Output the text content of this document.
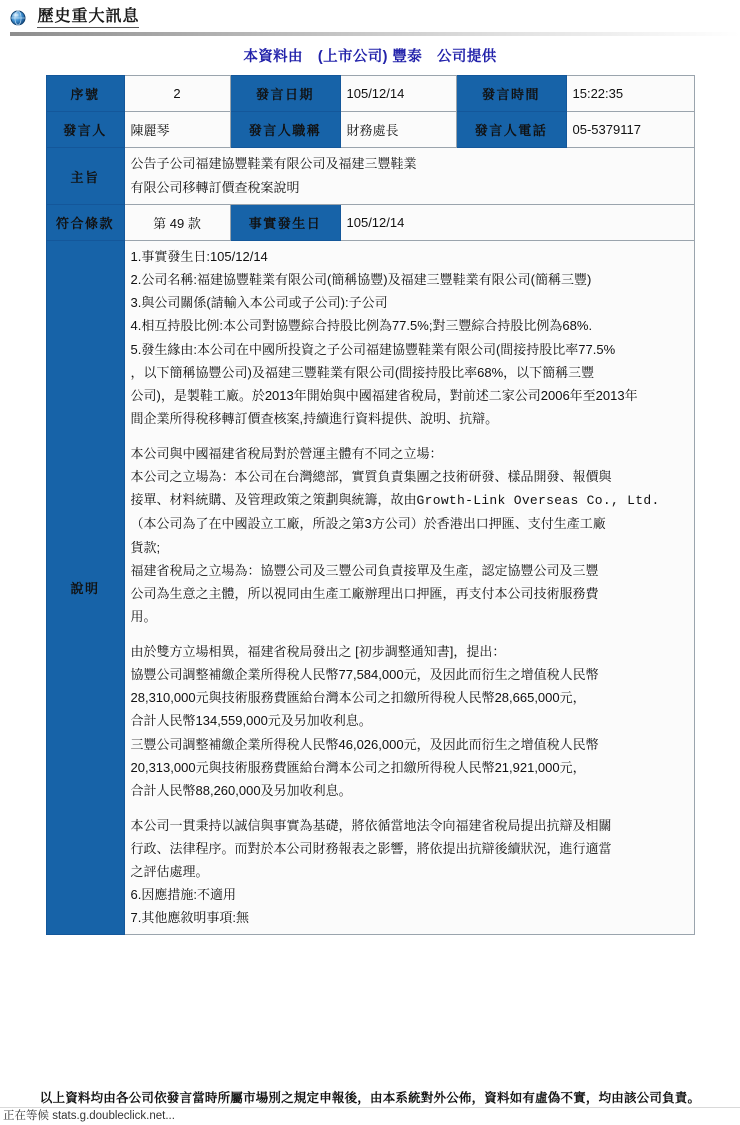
歷史重大訊息
本資料由　(上市公司) 豐泰　公司提供
序號	2	發言日期	105/12/14	發言時間	15:22:35
發言人	陳麗琴	發言人職稱	財務處長	發言人電話	05-5379117
主旨	公告子公司福建協豐鞋業有限公司及福建三豐鞋業
有限公司移轉訂價查稅案說明				

符合條款	第 49 款	事實發生日	105/12/14		
說明	
1.事實發生日:105/12/14
2.公司名稱:福建協豐鞋業有限公司(簡稱協豐)及福建三豐鞋業有限公司(簡稱三豐)
3.與公司關係(請輸入本公司或子公司):子公司
4.相互持股比例:本公司對協豐綜合持股比例為77.5%;對三豐綜合持股比例為68%.
5.發生緣由:本公司在中國所投資之子公司福建協豐鞋業有限公司(間接持股比率77.5%
，以下簡稱協豐公司)及福建三豐鞋業有限公司(間接持股比率68%，以下簡稱三豐
公司)，是製鞋工廠。於2013年開始與中國福建省稅局，對前述二家公司2006年至2013年
間企業所得稅移轉訂價查核案,持續進行資料提供、說明、抗辯。
本公司與中國福建省稅局對於營運主體有不同之立場：
本公司之立場為：本公司在台灣總部，實質負責集團之技術研發、樣品開發、報價與
接單、材料統購、及管理政策之策劃與統籌，故由Growth-Link Overseas Co., Ltd.
（本公司為了在中國設立工廠，所設之第3方公司）於香港出口押匯、支付生產工廠
貨款;
福建省稅局之立場為：協豐公司及三豐公司負責接單及生產，認定協豐公司及三豐
公司為生意之主體，所以視同由生產工廠辦理出口押匯，再支付本公司技術服務費
用。
由於雙方立場相異，福建省稅局發出之 [初步調整通知書]，提出：
協豐公司調整補繳企業所得稅人民幣77,584,000元，及因此而衍生之增值稅人民幣
28,310,000元與技術服務費匯給台灣本公司之扣繳所得稅人民幣28,665,000元，
合計人民幣134,559,000元及另加收利息。
三豐公司調整補繳企業所得稅人民幣46,026,000元，及因此而衍生之增值稅人民幣
20,313,000元與技術服務費匯給台灣本公司之扣繳所得稅人民幣21,921,000元，
合計人民幣88,260,000及另加收利息。
本公司一貫秉持以誠信與事實為基礎，將依循當地法令向福建省稅局提出抗辯及相關
行政、法律程序。而對於本公司財務報表之影響，將依提出抗辯後續狀況，進行適當
之評估處理。
6.因應措施:不適用
7.其他應敘明事項:無
以上資料均由各公司依發言當時所屬市場別之規定申報後，由本系統對外公佈，資料如有虛偽不實，均由該公司負責。
正在等候 stats.g.doubleclick.net...
